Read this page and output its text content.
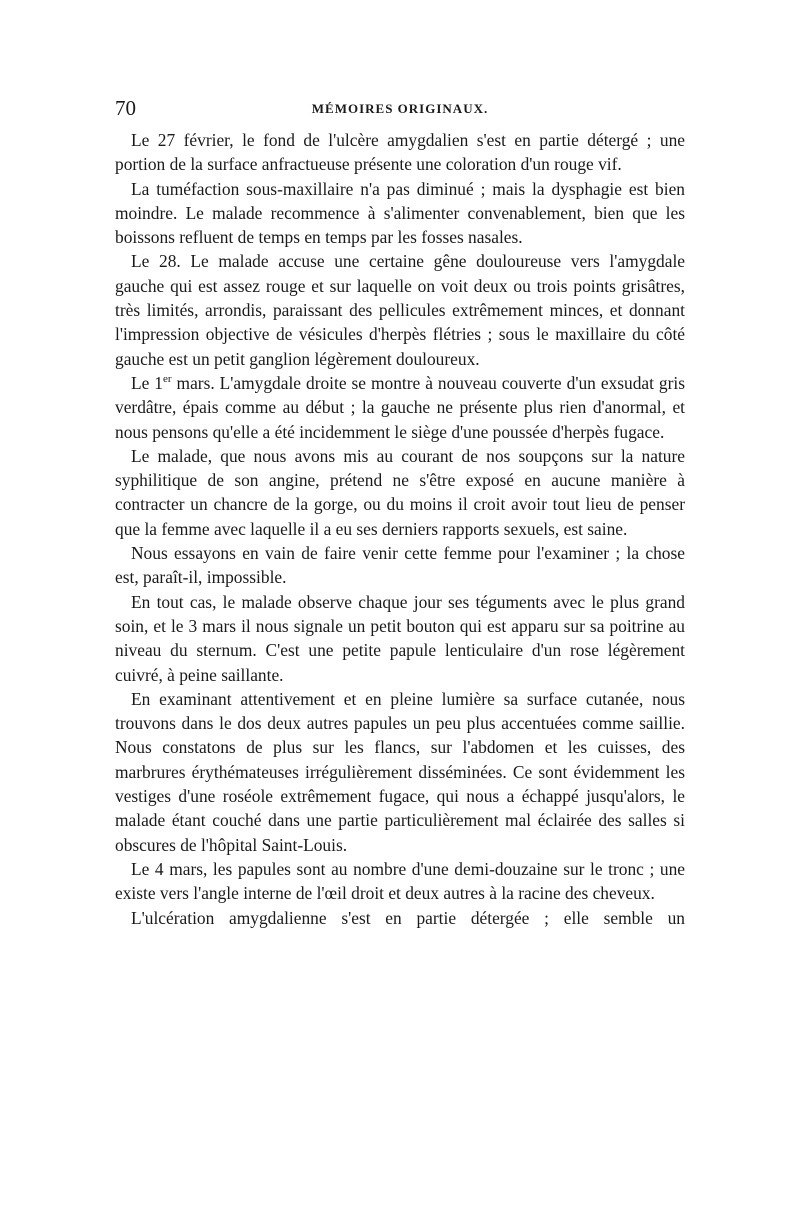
70	MÉMOIRES ORIGINAUX.

Le 27 février, le fond de l'ulcère amygdalien s'est en partie détergé ; une portion de la surface anfractueuse présente une coloration d'un rouge vif.

La tuméfaction sous-maxillaire n'a pas diminué ; mais la dysphagie est bien moindre. Le malade recommence à s'alimenter convenablement, bien que les boissons refluent de temps en temps par les fosses nasales.

Le 28. Le malade accuse une certaine gêne douloureuse vers l'amygdale gauche qui est assez rouge et sur laquelle on voit deux ou trois points grisâtres, très limités, arrondis, paraissant des pellicules extrêmement minces, et donnant l'impression objective de vésicules d'herpès flétries ; sous le maxillaire du côté gauche est un petit ganglion légèrement douloureux.

Le 1er mars. L'amygdale droite se montre à nouveau couverte d'un exsudat gris verdâtre, épais comme au début ; la gauche ne présente plus rien d'anormal, et nous pensons qu'elle a été incidemment le siège d'une poussée d'herpès fugace.

Le malade, que nous avons mis au courant de nos soupçons sur la nature syphilitique de son angine, prétend ne s'être exposé en aucune manière à contracter un chancre de la gorge, ou du moins il croit avoir tout lieu de penser que la femme avec laquelle il a eu ses derniers rapports sexuels, est saine.

Nous essayons en vain de faire venir cette femme pour l'examiner ; la chose est, paraît-il, impossible.

En tout cas, le malade observe chaque jour ses téguments avec le plus grand soin, et le 3 mars il nous signale un petit bouton qui est apparu sur sa poitrine au niveau du sternum. C'est une petite papule lenticulaire d'un rose légèrement cuivré, à peine saillante.

En examinant attentivement et en pleine lumière sa surface cutanée, nous trouvons dans le dos deux autres papules un peu plus accentuées comme saillie. Nous constatons de plus sur les flancs, sur l'abdomen et les cuisses, des marbrures érythémateuses irrégulièrement disséminées. Ce sont évidemment les vestiges d'une roséole extrêmement fugace, qui nous a échappé jusqu'alors, le malade étant couché dans une partie particulièrement mal éclairée des salles si obscures de l'hôpital Saint-Louis.

Le 4 mars, les papules sont au nombre d'une demi-douzaine sur le tronc ; une existe vers l'angle interne de l'œil droit et deux autres à la racine des cheveux.

L'ulcération amygdalienne s'est en partie détergée ; elle semble un
